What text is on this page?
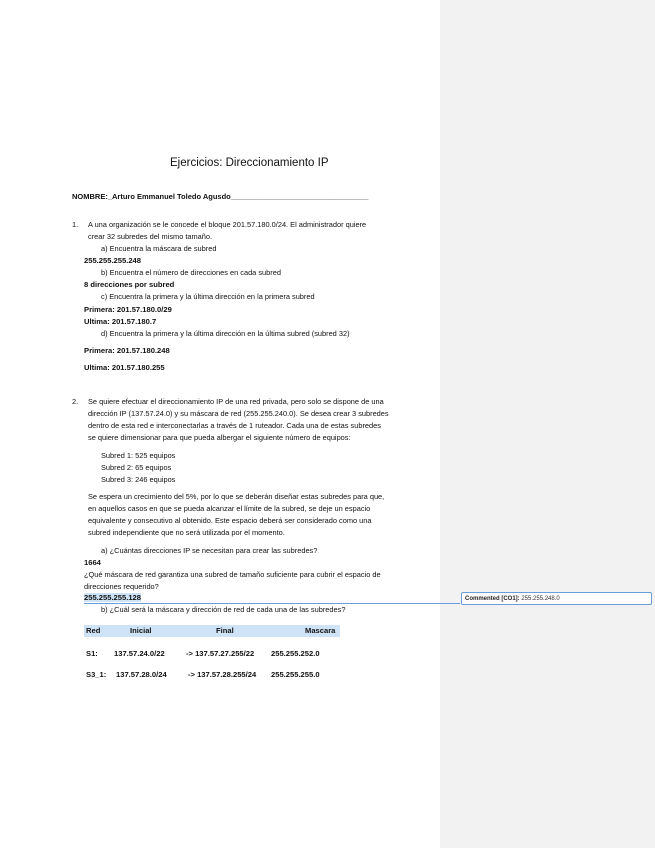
Ejercicios: Direccionamiento IP
NOMBRE:_Arturo Emmanuel Toledo Agusdo_________________________________
1. A una organización se le concede el bloque 201.57.180.0/24. El administrador quiere
crear 32 subredes del mismo tamaño.
a) Encuentra la máscara de subred
255.255.255.248
b) Encuentra el número de direcciones en cada subred
8 direcciones por subred
c) Encuentra la primera y la última dirección en la primera subred
Primera: 201.57.180.0/29
Ultima: 201.57.180.7
d) Encuentra la primera y la última dirección en la última subred (subred 32)
Primera: 201.57.180.248
Ultima: 201.57.180.255
2. Se quiere efectuar el direccionamiento IP de una red privada, pero solo se dispone de una
dirección IP (137.57.24.0) y su máscara de red (255.255.240.0). Se desea crear 3 subredes
dentro de esta red e interconectarlas a través de 1 ruteador. Cada una de estas subredes
se quiere dimensionar para que pueda albergar el siguiente número de equipos:
Subred 1: 525 equipos
Subred 2: 65 equipos
Subred 3: 246 equipos
Se espera un crecimiento del 5%, por lo que se deberán diseñar estas subredes para que,
en aquellos casos en que se pueda alcanzar el límite de la subred, se deje un espacio
equivalente y consecutivo al obtenido. Este espacio deberá ser considerado como una
subred independiente que no será utilizada por el momento.
a) ¿Cuántas direcciones IP se necesitan para crear las subredes?
1664
¿Qué máscara de red garantiza una subred de tamaño suficiente para cubrir el espacio de
direcciones requerido?
255.255.255.128
b) ¿Cuál será la máscara y dirección de red de cada una de las subredes?
Red	Inicial	Final	Mascara
S1: 137.57.24.0/22	-> 137.57.27.255/22 255.255.252.0
S3_1: 137.57.28.0/24	-> 137.57.28.255/24 255.255.255.0
Commented [CO1]: 255.255.248.0
